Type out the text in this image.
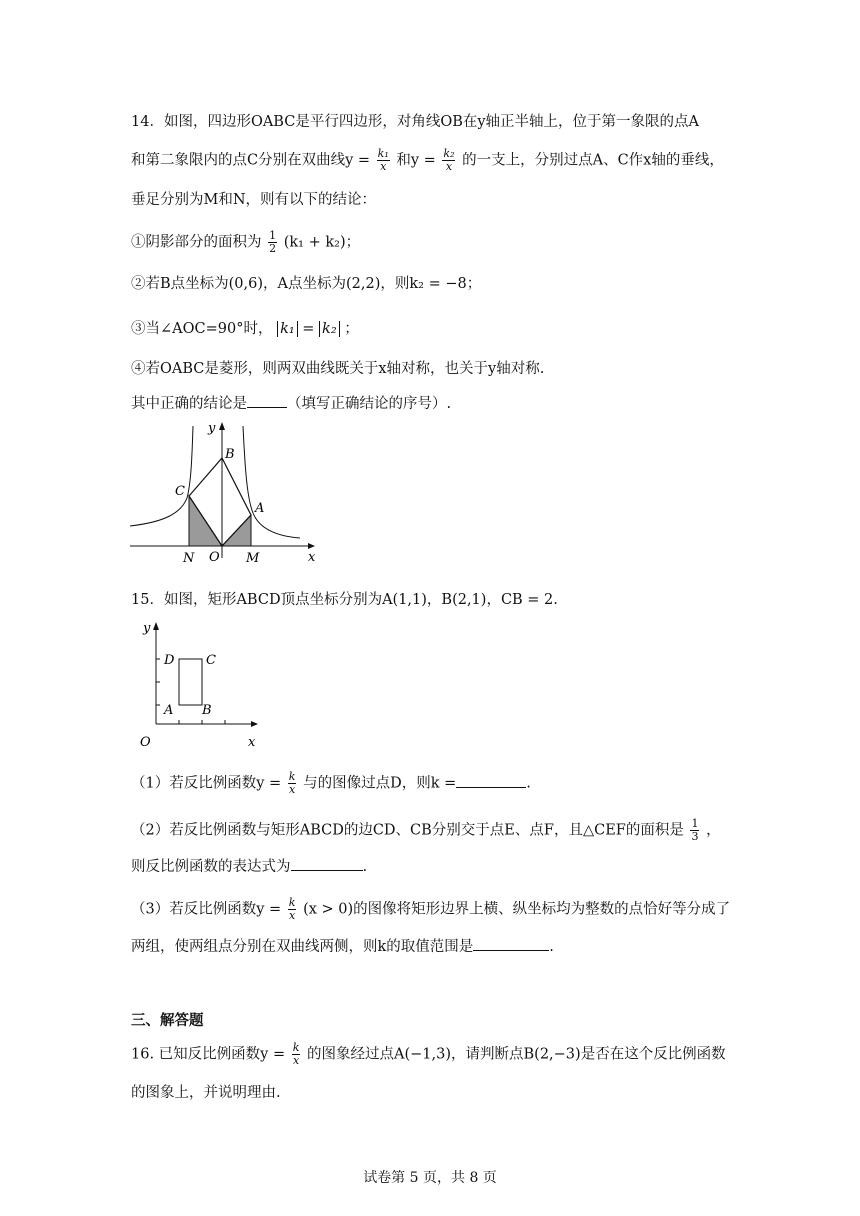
14．如图，四边形OABC是平行四边形，对角线OB在y轴正半轴上，位于第一象限的点A
和第二象限内的点C分别在双曲线$y = \frac{\text{k₁}}{x}$ 和$y = \frac{\text{k₂}}{x}$ 的一支上，分别过点A、C作x轴的垂线，
垂足分别为M和N，则有以下的结论：
①阴影部分的面积为 $\frac{1}{2} (k_1 + k_2)$；
②若B点坐标为(0,6)，A点坐标为(2,2)，则k₂ = −8；
③当∠AOC=90°时， k₁ = k₂ ；
④若OABC是菱形，则两双曲线既关于x轴对称，也关于y轴对称.
其中正确的结论是	（填写正确结论的序号）.
y
B
C
A
N O M	x
15．如图，矩形ABCD顶点坐标分别为A(1,1)，B(2,1)，CB = 2.
y
x
O
D C
A B
（1）若反比例函数$y = \frac{k}{x}$ 与的图像过点D，则k =	.
（2）若反比例函数与矩形ABCD的边CD、CB分别交于点E、点F，且△CEF的面积是 $\frac{1}{3}$ ，
则反比例函数的表达式为	.
（3）若反比例函数$y = \frac{k}{x} (x > 0)$的图像将矩形边界上横、纵坐标均为整数的点恰好等分成了
两组，使两组点分别在双曲线两侧，则k的取值范围是	.
三、解答题
16. 已知反比例函数$y = \frac{k}{x}$ 的图象经过点A(−1,3)，请判断点B(2,−3)是否在这个反比例函数
的图象上，并说明理由.
试卷第 5 页，共 8 页
